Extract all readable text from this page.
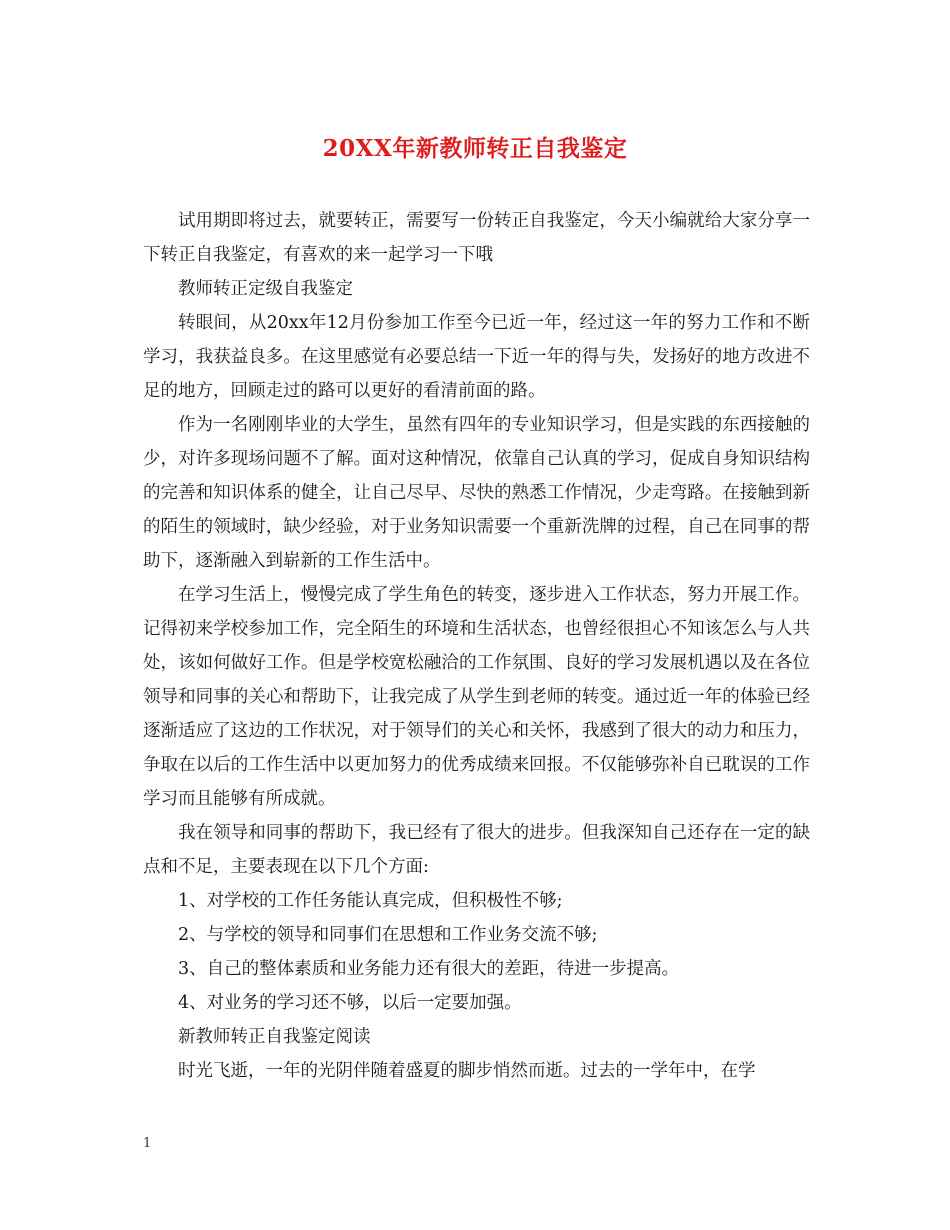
20XX年新教师转正自我鉴定

试用期即将过去，就要转正，需要写一份转正自我鉴定，今天小编就给大家分享一下转正自我鉴定，有喜欢的来一起学习一下哦

教师转正定级自我鉴定

转眼间，从20xx年12月份参加工作至今已近一年，经过这一年的努力工作和不断学习，我获益良多。在这里感觉有必要总结一下近一年的得与失，发扬好的地方改进不足的地方，回顾走过的路可以更好的看清前面的路。

作为一名刚刚毕业的大学生，虽然有四年的专业知识学习，但是实践的东西接触的少，对许多现场问题不了解。面对这种情况，依靠自己认真的学习，促成自身知识结构的完善和知识体系的健全，让自己尽早、尽快的熟悉工作情况，少走弯路。在接触到新的陌生的领域时，缺少经验，对于业务知识需要一个重新洗牌的过程，自己在同事的帮助下，逐渐融入到崭新的工作生活中。

在学习生活上，慢慢完成了学生角色的转变，逐步进入工作状态，努力开展工作。 记得初来学校参加工作，完全陌生的环境和生活状态，也曾经很担心不知该怎么与人共处，该如何做好工作。但是学校宽松融洽的工作氛围、良好的学习发展机遇以及在各位领导和同事的关心和帮助下，让我完成了从学生到老师的转变。通过近一年的体验已经逐渐适应了这边的工作状况，对于领导们的关心和关怀，我感到了很大的动力和压力，争取在以后的工作生活中以更加努力的优秀成绩来回报。不仅能够弥补自已耽误的工作学习而且能够有所成就。

我在领导和同事的帮助下，我已经有了很大的进步。但我深知自己还存在一定的缺点和不足，主要表现在以下几个方面:

1、对学校的工作任务能认真完成，但积极性不够;

2、与学校的领导和同事们在思想和工作业务交流不够;

3、自己的整体素质和业务能力还有很大的差距，待进一步提高。

4、对业务的学习还不够，以后一定要加强。

新教师转正自我鉴定阅读

时光飞逝，一年的光阴伴随着盛夏的脚步悄然而逝。过去的一学年中，在学

1
